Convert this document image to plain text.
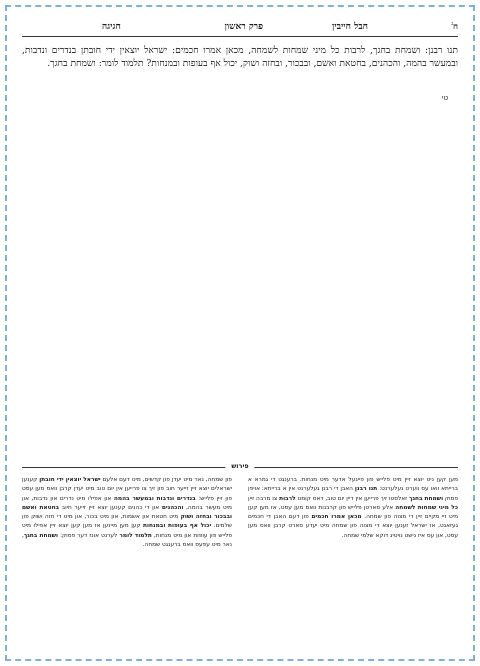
ח$^ג$
חבל חייבין
פרק ראשון
חגיגה

תנו רבנן: ושמחת בחגך, לרבות כל מיני שמחות לשמחה, מכאן אמרו חכמים: ישראל יוצאין ידי חובתן בנדרים ונדבות, ובמעשר בהמה, והכהנים, בחטאת ואשם, ובבכור, ובחזה ושוק, יכול אף בעופות ובמנחות? תלמוד לומר: ושמחת בחגך.

טי
פירוש
מען קען ניט יוצא זיין מיט פלייש פון פייגעל אדער מיט מנחות. ברענגט די גמרא א ברייתא וואו עס ווערט געלערנט: תנו רבנן האבן די רבנן געלערנט אין א ברייתא: אויפן פסוק ושמחת בחגך זאלסטו זיך פרייען אין דיין יום טוב, דאס קומט לרבות צו מרבה זיין כל מיני שמחות לשמחה אלע סארטן פלייש פון קרבנות וואס מען עסט, אז מען קען מיט זיי מקיים זיין די מצוה פון שמחה. מכאן אמרו חכמים פון דעם האבן די חכמים געזאגט, אז ישראל זענען יוצא די מצוה פון שמחה מיט יעדע סארט קרבן וואס מען עסט, און עס איז נישט נויטיג דוקא שלמי שמחה.
פון שמחה, נאר מיט יעדן פון קדשים, מיט דעם אלעם ישראל יוצאין ידי חובתן קענען ישראלים יוצא זיין זייער חוב פון זיך צו פרייען אין יום טוב מיט יעדן קרבן וואס מען עסט פון זיין פלייש: בנדרים ונדבות ובמעשר בהמה און אפילו מיט נדרים און נדבות, און מיט מעשר בהמה, והכהנים און די כהנים קענען יוצא זיין זייער חיוב בחטאת ואשם ובבכור ובחזה ושוק מיט חטאת און אשמות, און מיט בכור, און מיט די חזה ושוק פון שלמים. יכול אף בעופות ובמנחות קען מען מיינען אז מען קען יוצא זיין אפילו מיט פלייש פון עופות און מיט מנחות, תלמוד לומר לערנט אונז דער פסוק: ושמחת בחגך, נאר מיט עפעס וואס ברענגט שמחה.
